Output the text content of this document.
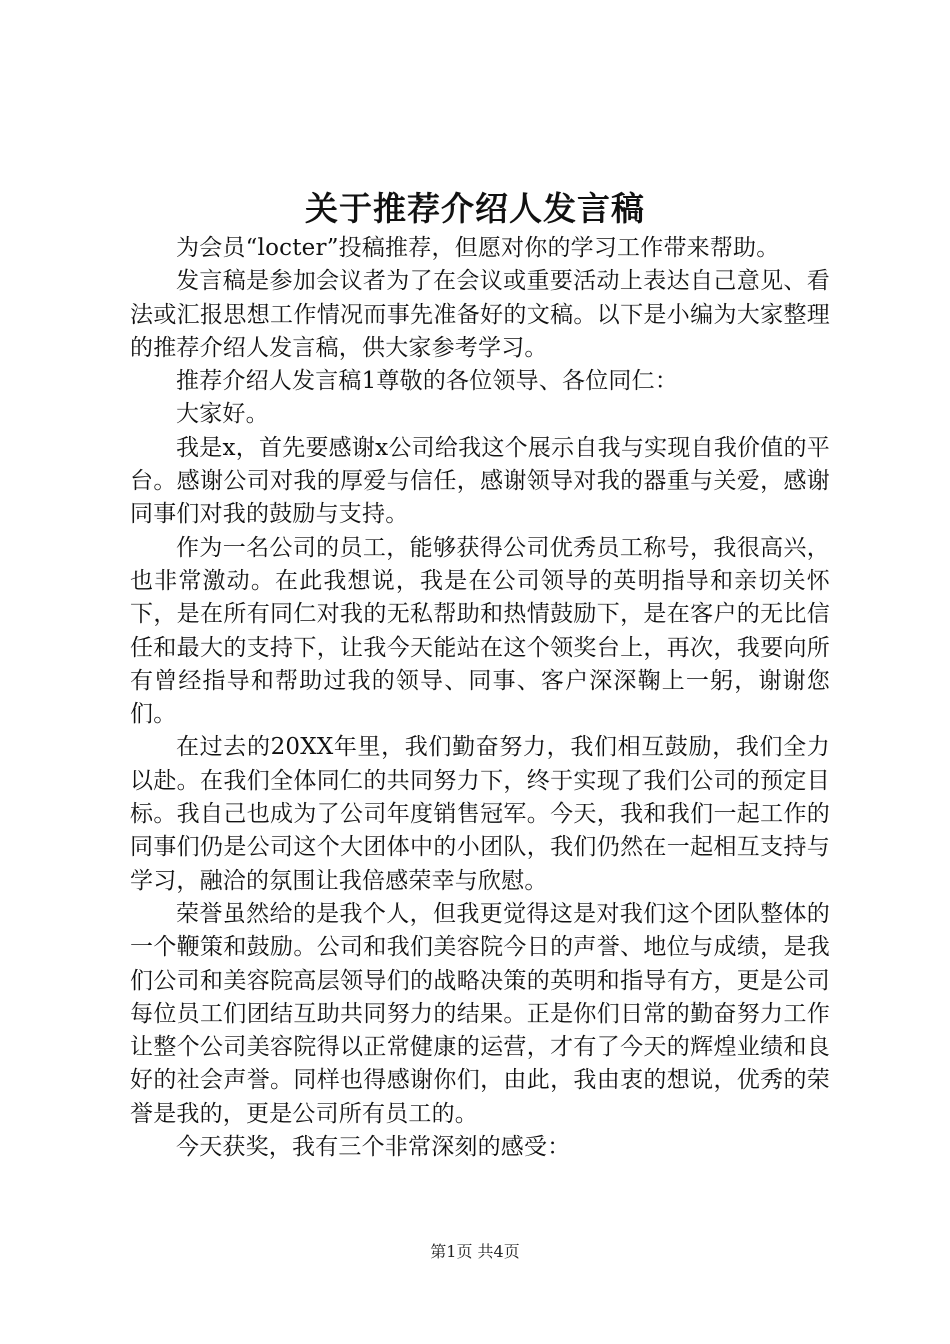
关于推荐介绍人发言稿

为会员“locter”投稿推荐，但愿对你的学习工作带来帮助。

发言稿是参加会议者为了在会议或重要活动上表达自己意见、看法或汇报思想工作情况而事先准备好的文稿。以下是小编为大家整理的推荐介绍人发言稿，供大家参考学习。

推荐介绍人发言稿1尊敬的各位领导、各位同仁：

大家好。

我是x，首先要感谢x公司给我这个展示自我与实现自我价值的平台。感谢公司对我的厚爱与信任，感谢领导对我的器重与关爱，感谢同事们对我的鼓励与支持。

作为一名公司的员工，能够获得公司优秀员工称号，我很高兴，也非常激动。在此我想说，我是在公司领导的英明指导和亲切关怀下，是在所有同仁对我的无私帮助和热情鼓励下，是在客户的无比信任和最大的支持下，让我今天能站在这个领奖台上，再次，我要向所有曾经指导和帮助过我的领导、同事、客户深深鞠上一躬，谢谢您们。

在过去的20XX年里，我们勤奋努力，我们相互鼓励，我们全力以赴。在我们全体同仁的共同努力下，终于实现了我们公司的预定目标。我自己也成为了公司年度销售冠军。今天，我和我们一起工作的同事们仍是公司这个大团体中的小团队，我们仍然在一起相互支持与学习，融洽的氛围让我倍感荣幸与欣慰。

荣誉虽然给的是我个人，但我更觉得这是对我们这个团队整体的一个鞭策和鼓励。公司和我们美容院今日的声誉、地位与成绩，是我们公司和美容院高层领导们的战略决策的英明和指导有方，更是公司每位员工们团结互助共同努力的结果。正是你们日常的勤奋努力工作让整个公司美容院得以正常健康的运营，才有了今天的辉煌业绩和良好的社会声誉。同样也得感谢你们，由此，我由衷的想说，优秀的荣誉是我的，更是公司所有员工的。

今天获奖，我有三个非常深刻的感受：

第1页 共4页
